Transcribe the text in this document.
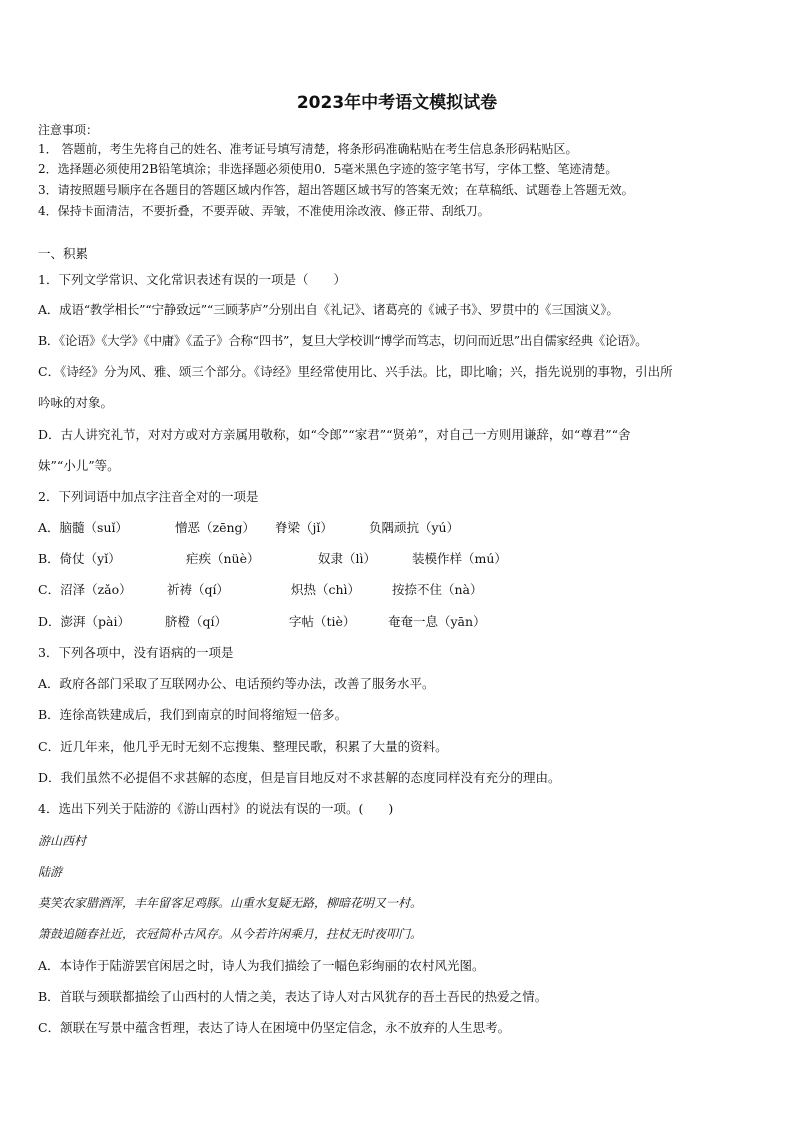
2023年中考语文模拟试卷
注意事项：
1． 答题前，考生先将自己的姓名、准考证号填写清楚，将条形码准确粘贴在考生信息条形码粘贴区。
2．选择题必须使用2B铅笔填涂；非选择题必须使用0．5毫米黑色字迹的签字笔书写，字体工整、笔迹清楚。
3．请按照题号顺序在各题目的答题区域内作答，超出答题区域书写的答案无效；在草稿纸、试题卷上答题无效。
4．保持卡面清洁，不要折叠，不要弄破、弄皱，不准使用涂改液、修正带、刮纸刀。
一、积累
1．下列文学常识、文化常识表述有误的一项是（　　）
A．成语“教学相长”“宁静致远”“三顾茅庐”分别出自《礼记》、诸葛亮的《诫子书》、罗贯中的《三国演义》。
B．《论语》《大学》《中庸》《孟子》合称“四书”，复旦大学校训“博学而笃志，切问而近思”出自儒家经典《论语》。
C．《诗经》分为风、雅、颂三个部分。《诗经》里经常使用比、兴手法。比，即比喻；兴，指先说别的事物，引出所
吟咏的对象。
D．古人讲究礼节，对对方或对方亲属用敬称，如“令郎”“家君”“贤弟”，对自己一方则用谦辞，如“尊君”“舍
妹”“小儿”等。
2．下列词语中加点字注音全对的一项是
A．脑髓（suǐ）	憎恶（zēng）	脊梁（jǐ）	负隅顽抗（yú）
B．倚仗（yǐ）	疟疾（nüè）	奴隶（lì）	装模作样（mú）
C．沼泽（zǎo）	祈祷（qí）	炽热（chì）	按捺不住（nà）
D．澎湃（pài）	脐橙（qí）	字帖（tiè）	奄奄一息（yān）
3．下列各项中，没有语病的一项是
A．政府各部门采取了互联网办公、电话预约等办法，改善了服务水平。
B．连徐高铁建成后，我们到南京的时间将缩短一倍多。
C．近几年来，他几乎无时无刻不忘搜集、整理民歌，积累了大量的资料。
D．我们虽然不必提倡不求甚解的态度，但是盲目地反对不求甚解的态度同样没有充分的理由。
4．选出下列关于陆游的《游山西村》的说法有误的一项。(　　)
游山西村
陆游
莫笑农家腊酒浑，丰年留客足鸡豚。山重水复疑无路，柳暗花明又一村。
箫鼓追随春社近，衣冠简朴古风存。从今若许闲乘月，拄杖无时夜叩门。
A．本诗作于陆游罢官闲居之时，诗人为我们描绘了一幅色彩绚丽的农村风光图。
B．首联与颈联都描绘了山西村的人情之美，表达了诗人对古风犹存的吾土吾民的热爱之情。
C．颔联在写景中蕴含哲理，表达了诗人在困境中仍坚定信念，永不放弃的人生思考。
